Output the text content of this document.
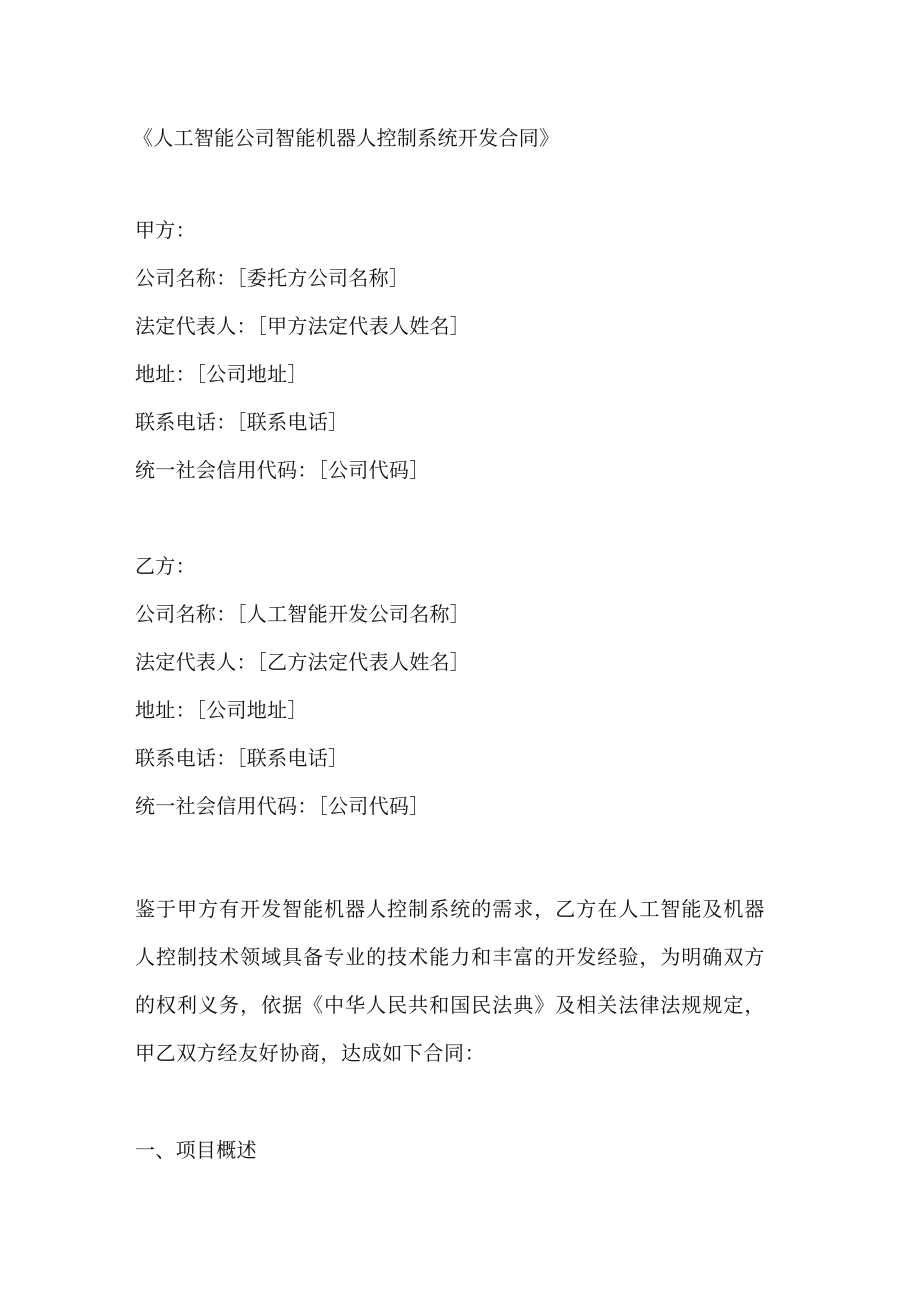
《人工智能公司智能机器人控制系统开发合同》
甲方：
公司名称：［委托方公司名称］
法定代表人：［甲方法定代表人姓名］
地址：［公司地址］
联系电话：［联系电话］
统一社会信用代码：［公司代码］
乙方：
公司名称：［人工智能开发公司名称］
法定代表人：［乙方法定代表人姓名］
地址：［公司地址］
联系电话：［联系电话］
统一社会信用代码：［公司代码］
鉴于甲方有开发智能机器人控制系统的需求，乙方在人工智能及机器人控制技术领域具备专业的技术能力和丰富的开发经验，为明确双方的权利义务，依据《中华人民共和国民法典》及相关法律法规规定，甲乙双方经友好协商，达成如下合同：
一、项目概述
